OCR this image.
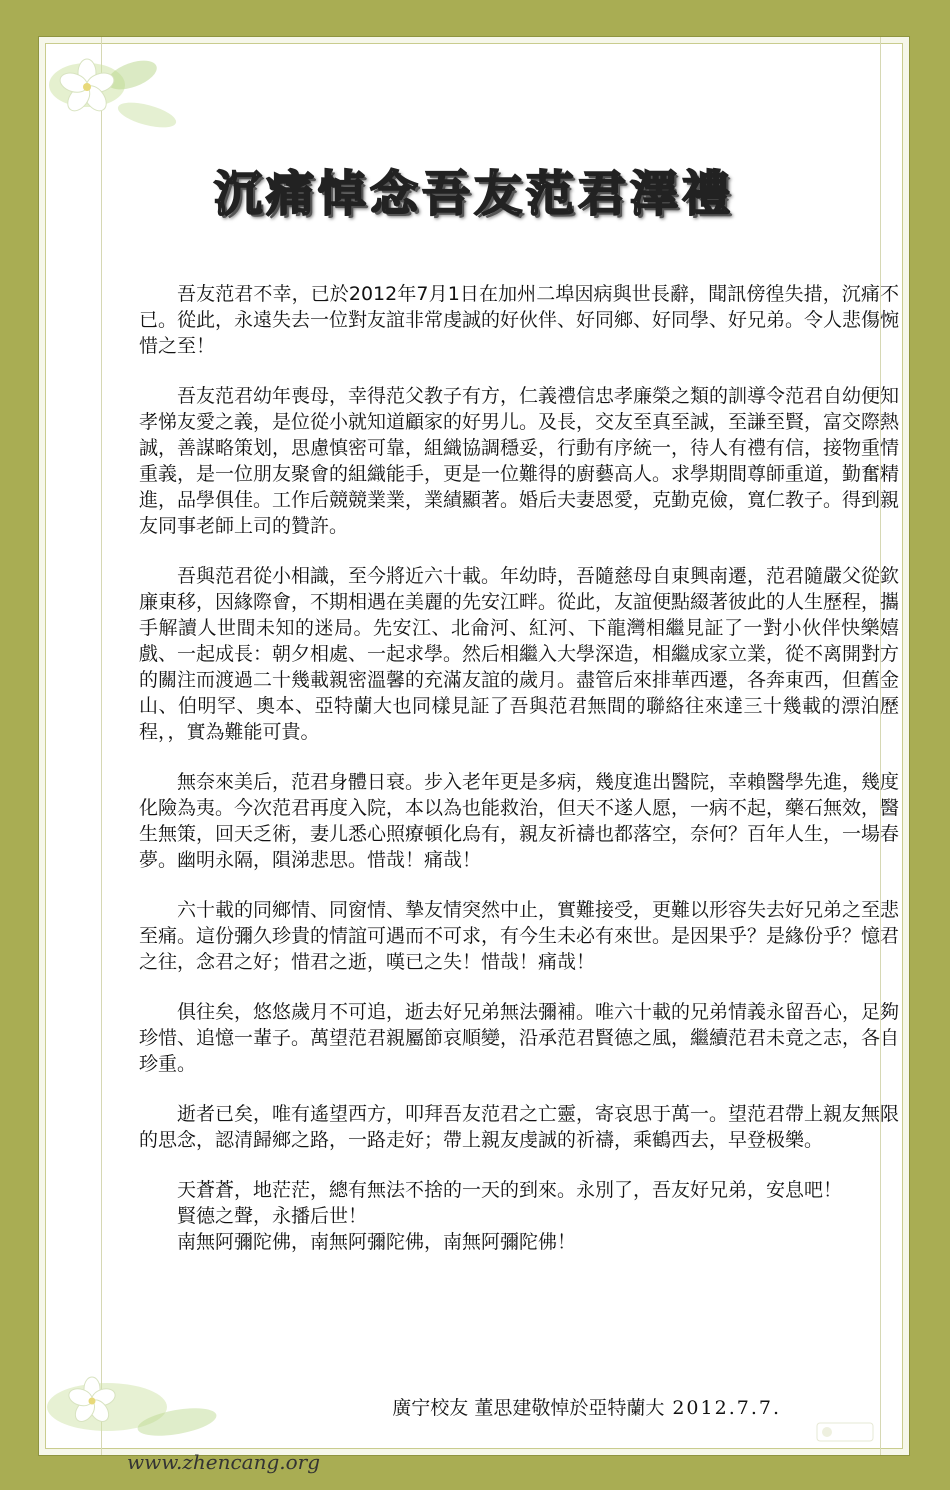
沉痛悼念吾友范君澤禮

吾友范君不幸，已於2012年7月1日在加州二埠因病與世長辭，聞訊傍徨失措，沉痛不已。從此，永遠失去一位對友誼非常虔誠的好伙伴、好同鄉、好同學、好兄弟。令人悲傷惋惜之至！

吾友范君幼年喪母，幸得范父教子有方，仁義禮信忠孝廉榮之類的訓導令范君自幼便知孝悌友愛之義，是位從小就知道顧家的好男儿。及長，交友至真至誠，至謙至賢，富交際熱誠，善謀略策划，思慮慎密可靠，組織協調穩妥，行動有序統一，待人有禮有信，接物重情重義，是一位朋友聚會的組織能手，更是一位難得的廚藝高人。求學期間尊師重道，勤奮精進，品學俱佳。工作后競競業業，業績顯著。婚后夫妻恩愛，克勤克儉，寬仁教子。得到親友同事老師上司的贊許。

吾與范君從小相識，至今將近六十載。年幼時，吾隨慈母自東興南遷，范君隨嚴父從欽廉東移，因緣際會，不期相遇在美麗的先安江畔。從此，友誼便點綴著彼此的人生歷程，攜手解讀人世間未知的迷局。先安江、北侖河、紅河、下龍灣相繼見証了一對小伙伴快樂嬉戲、一起成長：朝夕相處、一起求學。然后相繼入大學深造，相繼成家立業，從不离開對方的關注而渡過二十幾載親密溫馨的充滿友誼的歲月。盡管后來排華西遷，各奔東西，但舊金山、伯明罕、奧本、亞特蘭大也同樣見証了吾與范君無間的聯絡往來達三十幾載的漂泊歷程，，實為難能可貴。

無奈來美后，范君身體日衰。步入老年更是多病，幾度進出醫院，幸賴醫學先進，幾度化險為夷。今次范君再度入院，本以為也能救治，但天不遂人愿，一病不起，藥石無效，醫生無策，回天乏術，妻儿悉心照療頓化烏有，親友祈禱也都落空，奈何？百年人生，一場春夢。幽明永隔，隕涕悲思。惜哉！痛哉！

六十載的同鄉情、同窗情、摯友情突然中止，實難接受，更難以形容失去好兄弟之至悲至痛。這份彌久珍貴的情誼可遇而不可求，有今生未必有來世。是因果乎？是緣份乎？憶君之往，念君之好；惜君之逝，嘆已之失！惜哉！痛哉！

俱往矣，悠悠歲月不可追，逝去好兄弟無法彌補。唯六十載的兄弟情義永留吾心，足夠珍惜、追憶一輩子。萬望范君親屬節哀順變，沿承范君賢德之風，繼續范君未竟之志，各自珍重。

逝者已矣，唯有遙望西方，叩拜吾友范君之亡靈，寄哀思于萬一。望范君帶上親友無限的思念，認清歸鄉之路，一路走好；帶上親友虔誠的祈禱，乘鶴西去，早登极樂。

天蒼蒼，地茫茫，總有無法不捨的一天的到來。永別了，吾友好兄弟，安息吧！

賢德之聲，永播后世！

南無阿彌陀佛，南無阿彌陀佛，南無阿彌陀佛！

廣宁校友 董思建敬悼於亞特蘭大 2012.7.7.
www.zhencang.org
